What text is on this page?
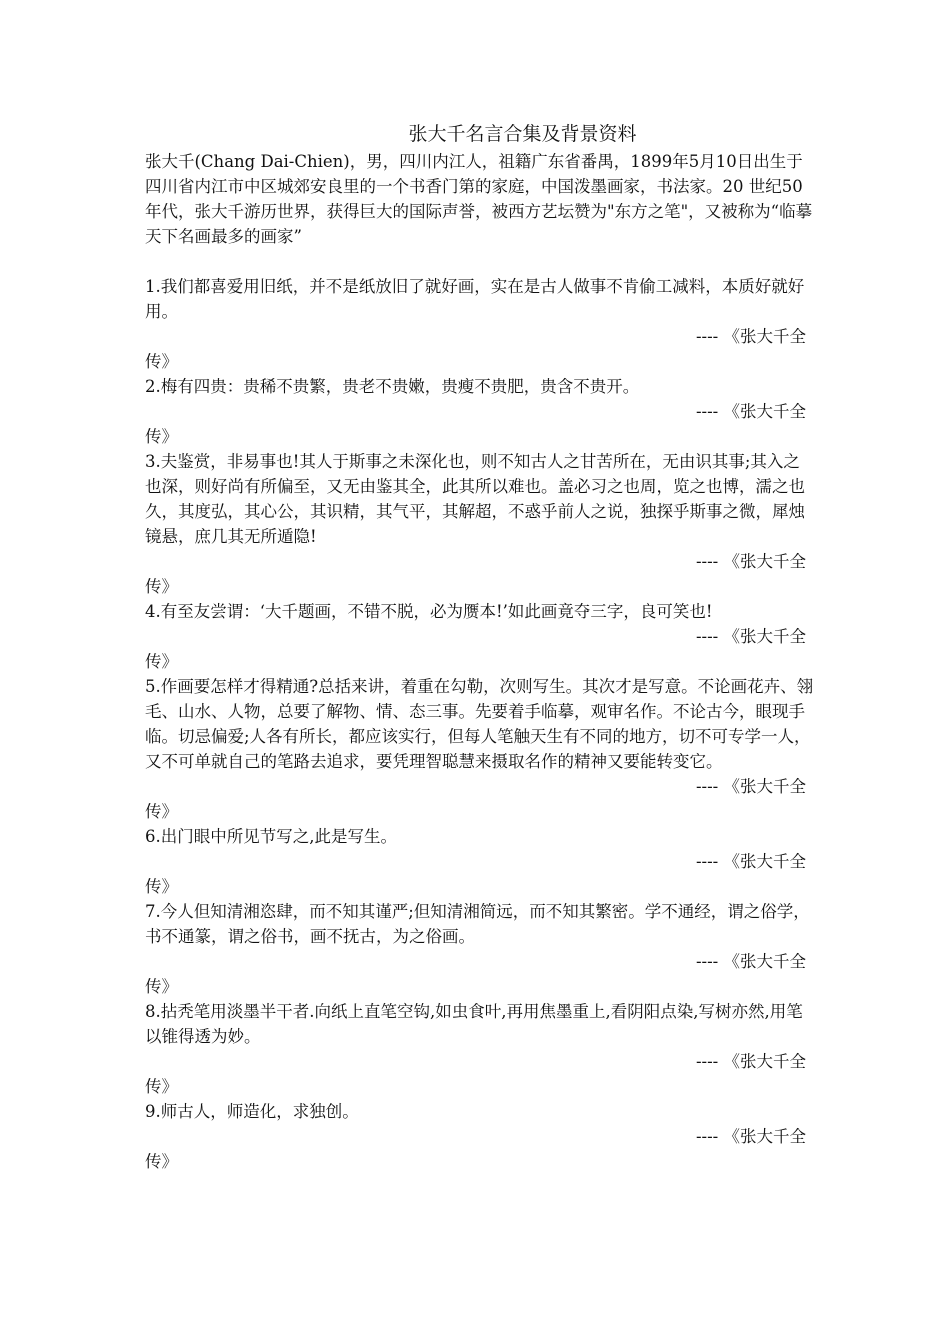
张大千名言合集及背景资料

张大千(Chang Dai-Chien)，男，四川内江人，祖籍广东省番禺，1899年5月10日出生于四川省内江市中区城郊安良里的一个书香门第的家庭，中国泼墨画家，书法家。20 世纪50年代，张大千游历世界，获得巨大的国际声誉，被西方艺坛赞为"东方之笔"，又被称为“临摹天下名画最多的画家”

1.我们都喜爱用旧纸，并不是纸放旧了就好画，实在是古人做事不肯偷工减料，本质好就好用。

---- 《张大千全
传》

2.梅有四贵：贵稀不贵繁，贵老不贵嫩，贵瘦不贵肥，贵含不贵开。

---- 《张大千全
传》

3.夫鉴赏，非易事也!其人于斯事之未深化也，则不知古人之甘苦所在，无由识其事;其入之也深，则好尚有所偏至，又无由鉴其全，此其所以难也。盖必习之也周，览之也博，濡之也久，其度弘，其心公，其识精，其气平，其解超，不惑乎前人之说，独探乎斯事之微，犀烛镜悬，庶几其无所遁隐!

---- 《张大千全
传》

4.有至友尝谓：‘大千题画，不错不脱，必为赝本!’如此画竟夺三字，良可笑也!

---- 《张大千全
传》

5.作画要怎样才得精通?总括来讲，着重在勾勒，次则写生。其次才是写意。不论画花卉、翎毛、山水、人物，总要了解物、情、态三事。先要着手临摹，观审名作。不论古今，眼现手临。切忌偏爱;人各有所长，都应该实行，但每人笔触天生有不同的地方，切不可专学一人，又不可单就自己的笔路去追求，要凭理智聪慧来摄取名作的精神又要能转变它。

---- 《张大千全
传》

6.出门眼中所见节写之,此是写生。

---- 《张大千全
传》

7.今人但知清湘恣肆，而不知其谨严;但知清湘简远，而不知其繁密。学不通经，谓之俗学，书不通篆，谓之俗书，画不抚古，为之俗画。

---- 《张大千全
传》

8.拈秃笔用淡墨半干者.向纸上直笔空钩,如虫食叶,再用焦墨重上,看阴阳点染,写树亦然,用笔以锥得透为妙。

---- 《张大千全
传》

9.师古人，师造化，求独创。

---- 《张大千全
传》
